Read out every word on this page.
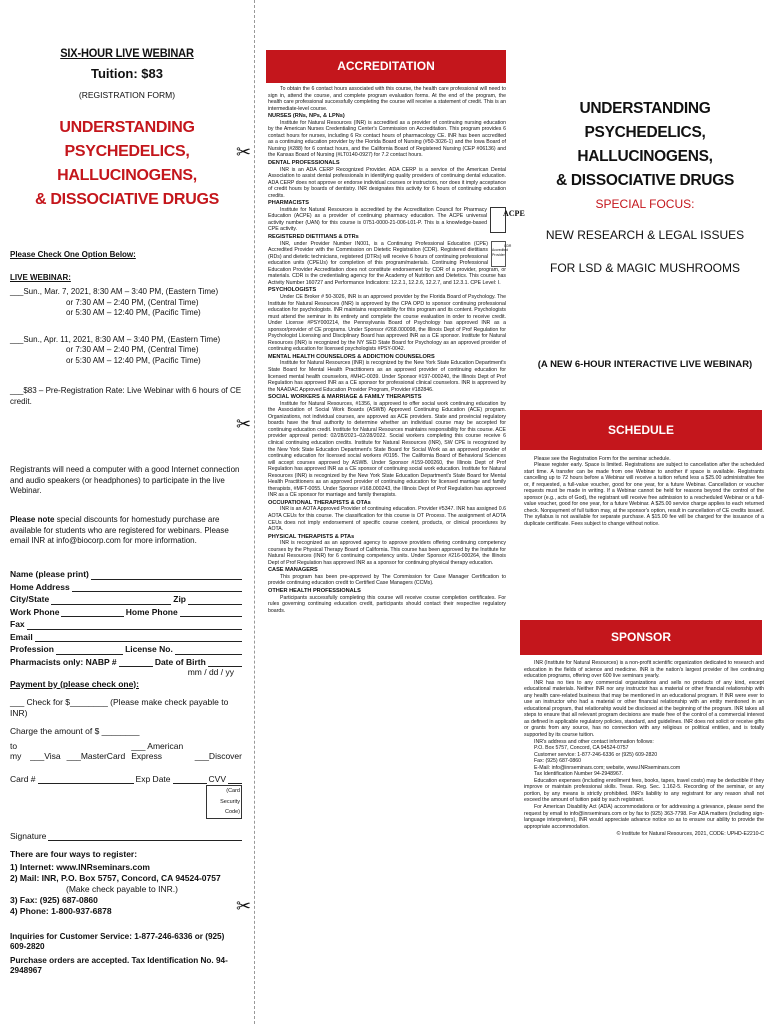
SIX-HOUR LIVE WEBINAR
Tuition: $83
(REGISTRATION FORM)
UNDERSTANDING PSYCHEDELICS,
HALLUCINOGENS,
& DISSOCIATIVE DRUGS
✂
✂
✂
Please Check One Option Below:
LIVE WEBINAR:
___Sun., Mar. 7, 2021, 8:30 AM – 3:40 PM, (Eastern Time)
or 7:30 AM – 2:40 PM, (Central Time)
or 5:30 AM – 12:40 PM, (Pacific Time)
___Sun., Apr. 11, 2021, 8:30 AM – 3:40 PM, (Eastern Time)
or 7:30 AM – 2:40 PM, (Central Time)
or 5:30 AM – 12:40 PM, (Pacific Time)
___$83 – Pre-Registration Rate: Live Webinar with 6 hours of CE credit.
Registrants will need a computer with a good Internet connection and audio speakers (or headphones) to participate in the live Webinar.
Please note special discounts for homestudy purchase are available for students who are registered for webinars. Please email INR at info@biocorp.com for more information.
Name (please print)
Home Address
City/State	Zip
Work Phone	Home Phone
Fax
Email
Profession	License No.
Pharmacists only: NABP #	Date of Birth
mm / dd / yy
Payment by (please check one):
___ Check for $________ (Please make check payable to INR)
Charge the amount of $ ________
to my	___Visa ___MasterCard
___ American Express	___Discover
Card #	Exp Date	CVV
(Card Security Code)
Signature
There are four ways to register:
1) Internet: www.INRseminars.com
2) Mail: INR, P.O. Box 5757, Concord, CA 94524-0757
(Make check payable to INR.)
3) Fax: (925) 687-0860
4) Phone: 1-800-937-6878
Inquiries for Customer Service: 1-877-246-6336 or (925) 609-2820
Purchase orders are accepted. Tax Identification No. 94-2948967
ACCREDITATION

To obtain the 6 contact hours associated with this course, the health care professional will need to sign in, attend the course, and complete program evaluation forms. At the end of the program, the health care professional successfully completing the course will receive a statement of credit. This is an intermediate-level course.

NURSES (RNs, NPs, & LPNs)

Institute for Natural Resources (INR) is accredited as a provider of continuing nursing education by the American Nurses Credentialing Center's Commission on Accreditation. This program provides 6 contact hours for nurses, including 6 Rx contact hours of pharmacology CE. INR has been accredited as a continuing education provider by the Florida Board of Nursing (#50-3026-1) and the Iowa Board of Nursing (#288) for 6 contact hours, and the California Board of Registered Nursing (CEP #06136) and the Kansas Board of Nursing (#LT0140-0927) for 7.2 contact hours.

DENTAL PROFESSIONALS

INR is an ADA CERP Recognized Provider. ADA CERP is a service of the American Dental Association to assist dental professionals in identifying quality providers of continuing dental education. ADA CERP does not approve or endorse individual courses or instructors, nor does it imply acceptance of credit hours by boards of dentistry. INR designates this activity for 6 hours of continuing education credits.

PHARMACISTS

ACPE
Institute for Natural Resources is accredited by the Accreditation Council for Pharmacy Education (ACPE) as a provider of continuing pharmacy education. The ACPE universal activity number (UAN) for this course is 0751-0000-21-006-L01-P. This is a knowledge-based CPE activity.

REGISTERED DIETITIANS & DTRs

CDR Accredited Provider
INR, under Provider Number IN001, is a Continuing Professional Education (CPE) Accredited Provider with the Commission on Dietetic Registration (CDR). Registered dietitians (RDs) and dietetic technicians, registered (DTRs) will receive 6 hours of continuing professional education units (CPEUs) for completion of this program/materials. Continuing Professional Education Provider Accreditation does not constitute endorsement by CDR of a provider, program, or materials. CDR is the credentialing agency for the Academy of Nutrition and Dietetics. This course has Activity Number 160727 and Performance Indicators: 12.2.1, 12.2.6, 12.2.7, and 12.3.1. CPE Level: I.

PSYCHOLOGISTS

Under CE Broker # 50-3026, INR is an approved provider by the Florida Board of Psychology. The Institute for Natural Resources (INR) is approved by the CPA OPD to sponsor continuing professional education for psychologists. INR maintains responsibility for this program and its content. Psychologists must attend the seminar in its entirety and complete the course evaluation in order to receive credit. Under License #PSY000214, the Pennsylvania Board of Psychology has approved INR as a sponsor/provider of CE programs. Under Sponsor #268.000098, the Illinois Dept of Prof Regulation for Psychologist Licensing and Disciplinary Board has approved INR as a CE sponsor. Institute for Natural Resources (INR) is recognized by the NY SED State Board for Psychology as an approved provider of continuing education for licensed psychologists #PSY-0042.

MENTAL HEALTH COUNSELORS & ADDICTION COUNSELORS

Institute for Natural Resources (INR) is recognized by the New York State Education Department's State Board for Mental Health Practitioners as an approved provider of continuing education for licensed mental health counselors, #MHC-0039. Under Sponsor #197-000240, the Illinois Dept of Prof Regulation has approved INR as a CE sponsor for professional clinical counselors. INR is approved by the NAADAC Approved Education Provider Program, Provider #182846.

SOCIAL WORKERS & MARRIAGE & FAMILY THERAPISTS

Institute for Natural Resources, #1356, is approved to offer social work continuing education by the Association of Social Work Boards (ASWB) Approved Continuing Education (ACE) program. Organizations, not individual courses, are approved as ACE providers. State and provincial regulatory boards have the final authority to determine whether an individual course may be accepted for continuing education credit. Institute for Natural Resources maintains responsibility for this course. ACE provider approval period: 02/28/2021–02/28/2022. Social workers completing this course receive 6 clinical continuing education credits. Institute for Natural Resources (INR), SW CPE is recognized by the New York State Education Department's State Board for Social Work as an approved provider of continuing education for licensed social workers #0195. The California Board of Behavioral Sciences will accept courses approved by ASWB. Under Sponsor #159-000260, the Illinois Dept of Prof Regulation has approved INR as a CE sponsor of continuing social work education. Institute for Natural Resources (INR) is recognized by the New York State Education Department's State Board for Mental Health Practitioners as an approved provider of continuing education for licensed marriage and family therapists, #MFT-0055. Under Sponsor #168.000243, the Illinois Dept of Prof Regulation has approved INR as a CE sponsor for marriage and family therapists.

OCCUPATIONAL THERAPISTS & OTAs

INR is an AOTA Approved Provider of continuing education. Provider #5347. INR has assigned 0.6 AOTA CEUs for this course. The classification for this course is OT Process. The assignment of AOTA CEUs does not imply endorsement of specific course content, products, or clinical procedures by AOTA.

PHYSICAL THERAPISTS & PTAs

INR is recognized as an approved agency to approve providers offering continuing competency courses by the Physical Therapy Board of California. This course has been approved by the Institute for Natural Resources (INR) for 6 continuing competency units. Under Sponsor #216-000264, the Illinois Dept of Prof Regulation has approved INR as a sponsor for continuing physical therapy education.

CASE MANAGERS

This program has been pre-approved by The Commission for Case Manager Certification to provide continuing education credit to Certified Case Managers (CCMs).

OTHER HEALTH PROFESSIONALS

Participants successfully completing this course will receive course completion certificates. For rules governing continuing education credit, participants should contact their respective regulatory boards.

UNDERSTANDING PSYCHEDELICS,
HALLUCINOGENS,
& DISSOCIATIVE DRUGS
SPECIAL FOCUS:
NEW RESEARCH & LEGAL ISSUES
FOR LSD & MAGIC MUSHROOMS
(A NEW 6-HOUR INTERACTIVE LIVE WEBINAR)
SCHEDULE

Please see the Registration Form for the seminar schedule.

Please register early. Space is limited. Registrations are subject to cancellation after the scheduled start time. A transfer can be made from one Webinar to another if space is available. Registrants cancelling up to 72 hours before a Webinar will receive a tuition refund less a $25.00 administrative fee or, if requested, a full-value voucher, good for one year, for a future Webinar. Cancellation or voucher requests must be made in writing. If a Webinar cannot be held for reasons beyond the control of the sponsor (e.g., acts of God), the registrant will receive free admission to a rescheduled Webinar or a full-value voucher, good for one year, for a future Webinar. A $25.00 service charge applies to each returned check. Nonpayment of full tuition may, at the sponsor's option, result in cancellation of CE credits issued. The syllabus is not available for separate purchase. A $15.00 fee will be charged for the issuance of a duplicate certificate. Fees subject to change without notice.

SPONSOR

INR (Institute for Natural Resources) is a non-profit scientific organization dedicated to research and education in the fields of science and medicine. INR is the nation's largest provider of live continuing education programs, offering over 600 live seminars yearly.

INR has no ties to any commercial organizations and sells no products of any kind, except educational materials. Neither INR nor any instructor has a material or other financial relationship with any health care-related business that may be mentioned in an educational program. If INR were ever to use an instructor who had a material or other financial relationship with an entity mentioned in an educational program, that relationship would be disclosed at the beginning of the program. INR takes all steps to ensure that all relevant program decisions are made free of the control of a commercial interest as defined in applicable regulatory policies, standard, and guidelines. INR does not solicit or receive gifts or grants from any source, has no connection with any religious or political entities, and is totally supported by its course tuition.

INR's address and other contact information follows:

P.O. Box 5757, Concord, CA 94524-0757
Customer service: 1-877-246-6336 or (925) 609-2820
Fax: (925) 687-0860
E-Mail: info@inrseminars.com; website, www.INRseminars.com
Tax Identification Number 94-2948967.

Education expenses (including enrollment fees, books, tapes, travel costs) may be deductible if they improve or maintain professional skills. Treas. Reg. Sec. 1.162-5. Recording of the seminar, or any portion, by any means is strictly prohibited. INR's liability to any registrant for any reason shall not exceed the amount of tuition paid by such registrant.

For American Disability Act (ADA) accommodations or for addressing a grievance, please send the request by email to info@inrseminars.com or by fax to (925) 363-7798. For ADA matters (including sign-language interpreters), INR would appreciate advance notice so as to ensure our ability to provide the appropriate accommodation.

© Institute for Natural Resources, 2021, CODE: UPHD-E2210-C
